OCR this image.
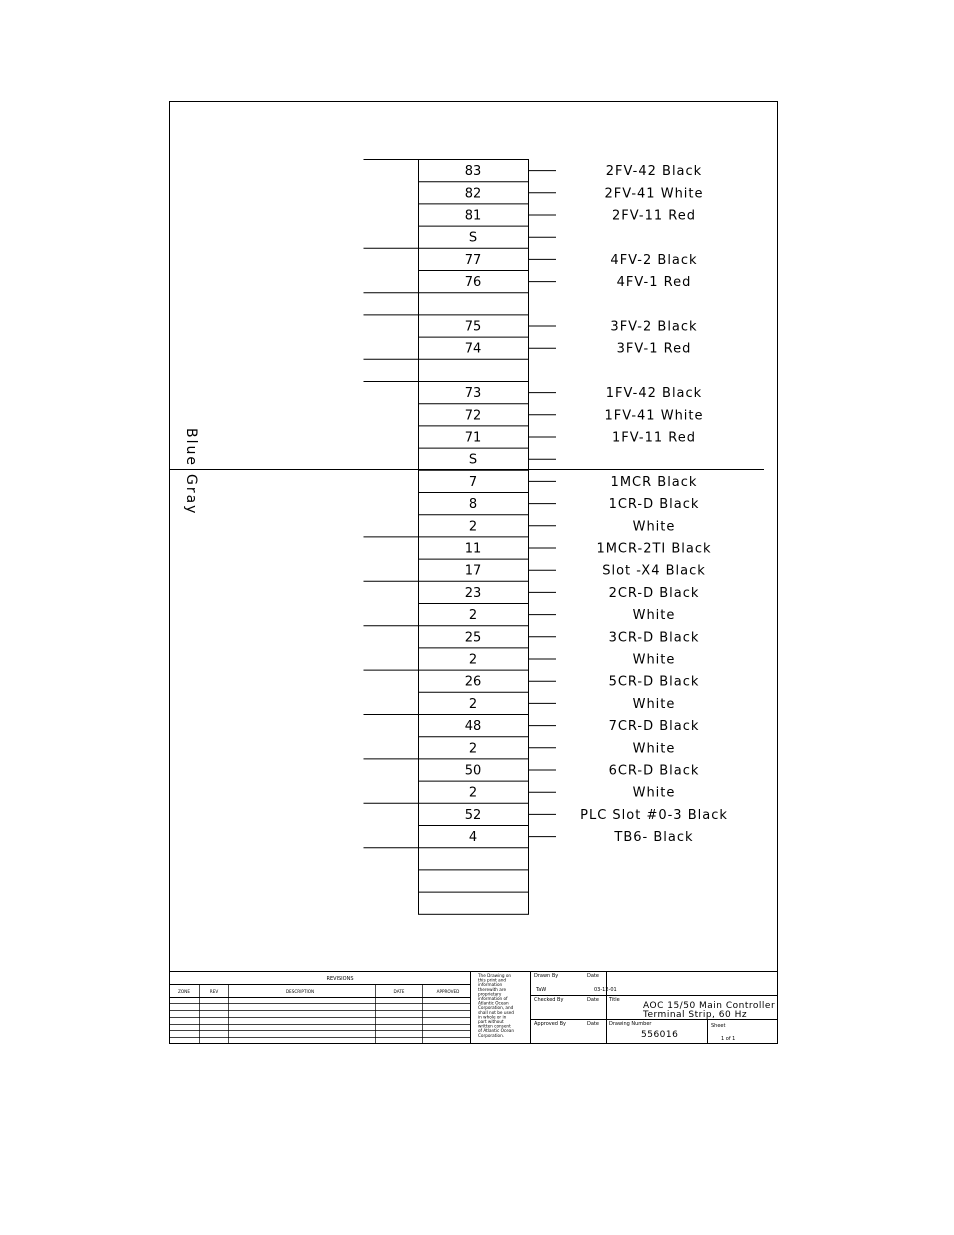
83	2FV-42 Black
82	2FV-41 White
81	2FV-11 Red
S
77	4FV-2 Black
76	4FV-1 Red
75	3FV-2 Black
74	3FV-1 Red
73	1FV-42 Black
72	1FV-41 White
71	1FV-11 Red
S
7	1MCR Black
8	1CR-D Black
2	White
11	1MCR-2TI Black
17	Slot -X4 Black
23	2CR-D Black
2	White
25	3CR-D Black
2	White
26	5CR-D Black
2	White
48	7CR-D Black
2	White
50	6CR-D Black
2	White
52	PLC Slot #0-3 Black
4	TB6- Black
Blue
Gray
REVISIONS
ZONE	REV	DESCRIPTION	DATE	APPROVED
The Drawing on
this print and
information
therewith are
proprietary
information of
Atlantic Ocean
Corporation, and
shall not be used
in whole or in
part without
written consent
of Atlantic Ocean
Corporation.
Drawn By	Date
TaW	03-12-01
Checked By	Date
Approved By	Date
Title
AOC 15/50 Main Controller
Terminal Strip, 60 Hz
Drawing Number
556016
Sheet
1 of 1
